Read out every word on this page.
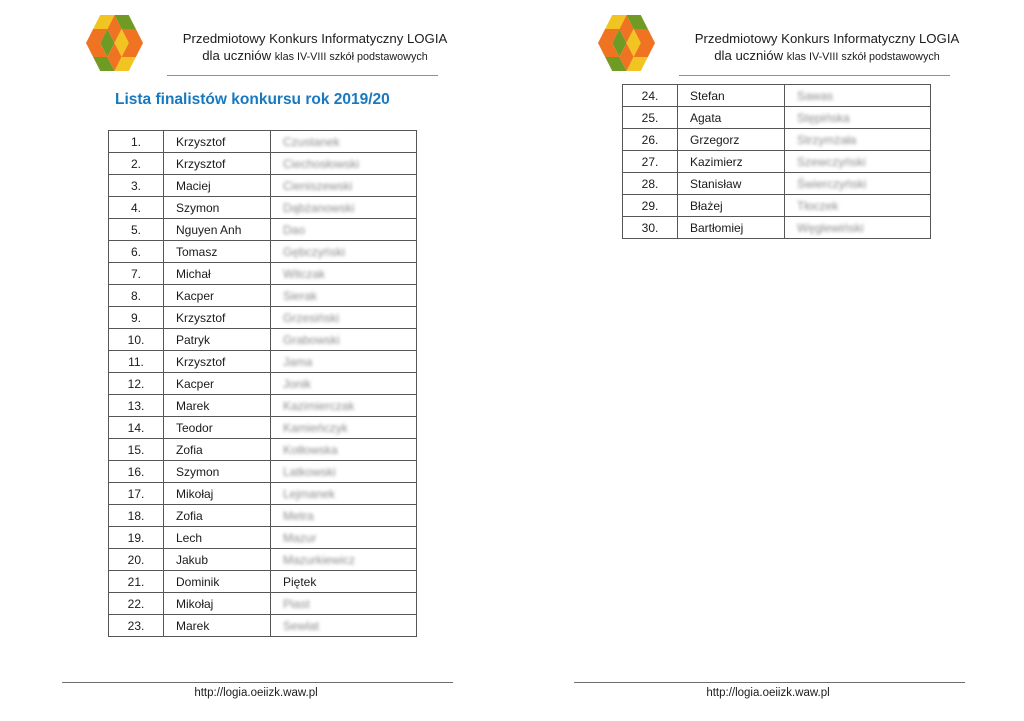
Przedmiotowy Konkurs Informatyczny LOGIA
dla uczniów klas IV-VIII szkół podstawowych
Lista finalistów konkursu rok 2019/20
1.	Krzysztof	Czustanek
2.	Krzysztof	Ciechosłowski
3.	Maciej	Cieniszewski
4.	Szymon	Dąbżanowski
5.	Nguyen Anh	Dao
6.	Tomasz	Gębczyński
7.	Michał	Witczak
8.	Kacper	Sierak
9.	Krzysztof	Grzesiński
10.	Patryk	Grabowski
11.	Krzysztof	Jama
12.	Kacper	Jonik
13.	Marek	Kazimierczak
14.	Teodor	Kamieńczyk
15.	Zofia	Kotłowska
16.	Szymon	Latkowski
17.	Mikołaj	Lejmanek
18.	Zofia	Metra
19.	Lech	Mazur
20.	Jakub	Mazurkiewicz
21.	Dominik	Piętek
22.	Mikołaj	Piast
23.	Marek	Sewlat
http://logia.oeiizk.waw.pl
Przedmiotowy Konkurs Informatyczny LOGIA
dla uczniów klas IV-VIII szkół podstawowych
24.	Stefan	Sawas
25.	Agata	Stępińska
26.	Grzegorz	Strzymżała
27.	Kazimierz	Szewczyński
28.	Stanisław	Świerczyński
29.	Błażej	Tłoczek
30.	Bartłomiej	Węglewiński
http://logia.oeiizk.waw.pl
